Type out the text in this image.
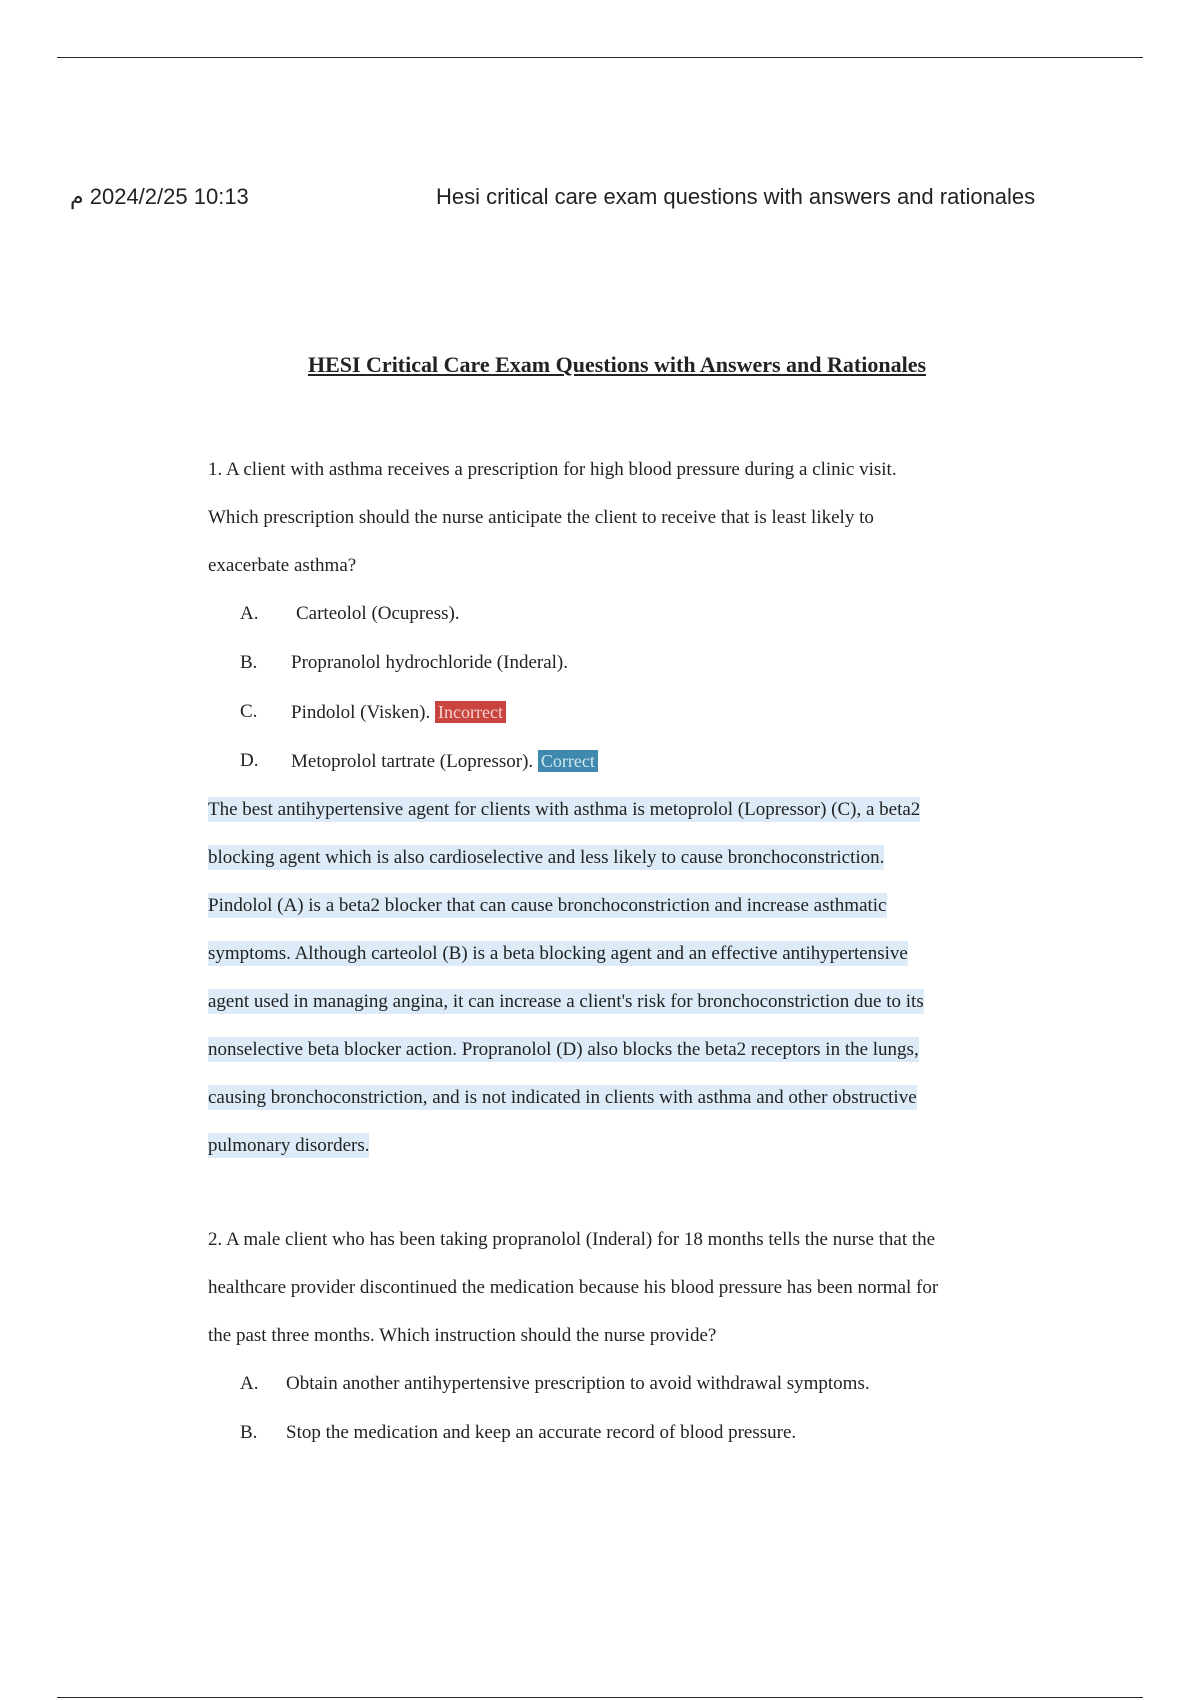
10:13 2024/2/25 م	Hesi critical care exam questions with answers and rationales
HESI Critical Care Exam Questions with Answers and Rationales
1. A client with asthma receives a prescription for high blood pressure during a clinic visit.
Which prescription should the nurse anticipate the client to receive that is least likely to
exacerbate asthma?
A. Carteolol (Ocupress).
B. Propranolol hydrochloride (Inderal).
C. Pindolol (Visken). Incorrect
D. Metoprolol tartrate (Lopressor). Correct
The best antihypertensive agent for clients with asthma is metoprolol (Lopressor) (C), a beta2
blocking agent which is also cardioselective and less likely to cause bronchoconstriction.
Pindolol (A) is a beta2 blocker that can cause bronchoconstriction and increase asthmatic
symptoms. Although carteolol (B) is a beta blocking agent and an effective antihypertensive
agent used in managing angina, it can increase a client's risk for bronchoconstriction due to its
nonselective beta blocker action. Propranolol (D) also blocks the beta2 receptors in the lungs,
causing bronchoconstriction, and is not indicated in clients with asthma and other obstructive
pulmonary disorders.
2. A male client who has been taking propranolol (Inderal) for 18 months tells the nurse that the
healthcare provider discontinued the medication because his blood pressure has been normal for
the past three months. Which instruction should the nurse provide?
A. Obtain another antihypertensive prescription to avoid withdrawal symptoms.
B. Stop the medication and keep an accurate record of blood pressure.
